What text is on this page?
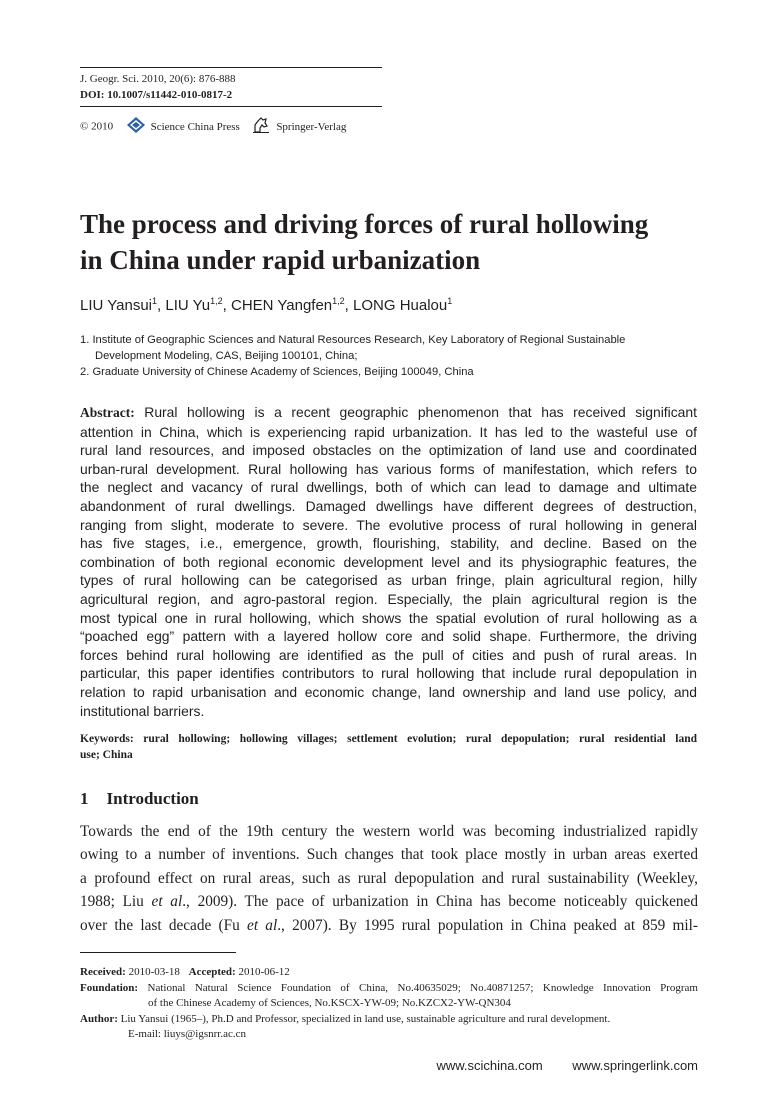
J. Geogr. Sci. 2010, 20(6): 876-888
DOI: 10.1007/s11442-010-0817-2
© 2010	Science China Press	Springer-Verlag
The process and driving forces of rural hollowing
in China under rapid urbanization
LIU Yansui$^1$, LIU Yu$^{1,2}$, CHEN Yangfen$^{1,2}$, LONG Hualou$^1$
1. Institute of Geographic Sciences and Natural Resources Research, Key Laboratory of Regional Sustainable
Development Modeling, CAS, Beijing 100101, China;
2. Graduate University of Chinese Academy of Sciences, Beijing 100049, China
Abstract: Rural hollowing is a recent geographic phenomenon that has received significant
attention in China, which is experiencing rapid urbanization. It has led to the wasteful use of
rural land resources, and imposed obstacles on the optimization of land use and coordinated
urban-rural development. Rural hollowing has various forms of manifestation, which refers to
the neglect and vacancy of rural dwellings, both of which can lead to damage and ultimate
abandonment of rural dwellings. Damaged dwellings have different degrees of destruction,
ranging from slight, moderate to severe. The evolutive process of rural hollowing in general
has five stages, i.e., emergence, growth, flourishing, stability, and decline. Based on the
combination of both regional economic development level and its physiographic features, the
types of rural hollowing can be categorised as urban fringe, plain agricultural region, hilly
agricultural region, and agro-pastoral region. Especially, the plain agricultural region is the
most typical one in rural hollowing, which shows the spatial evolution of rural hollowing as a
“poached egg” pattern with a layered hollow core and solid shape. Furthermore, the driving
forces behind rural hollowing are identified as the pull of cities and push of rural areas. In
particular, this paper identifies contributors to rural hollowing that include rural depopulation in
relation to rapid urbanisation and economic change, land ownership and land use policy, and
institutional barriers.
Keywords: rural hollowing; hollowing villages; settlement evolution; rural depopulation; rural residential land
use; China
1 Introduction
Towards the end of the 19th century the western world was becoming industrialized rapidly
owing to a number of inventions. Such changes that took place mostly in urban areas exerted
a profound effect on rural areas, such as rural depopulation and rural sustainability (Weekley,
1988; Liu et al., 2009). The pace of urbanization in China has become noticeably quickened
over the last decade (Fu et al., 2007). By 1995 rural population in China peaked at 859 mil-
Received: 2010-03-18 Accepted: 2010-06-12
Foundation: National Natural Science Foundation of China, No.40635029; No.40871257; Knowledge Innovation Program
of the Chinese Academy of Sciences, No.KSCX-YW-09; No.KZCX2-YW-QN304
Author: Liu Yansui (1965–), Ph.D and Professor, specialized in land use, sustainable agriculture and rural development.
E-mail: liuys@igsnrr.ac.cn
www.scichina.com www.springerlink.com
